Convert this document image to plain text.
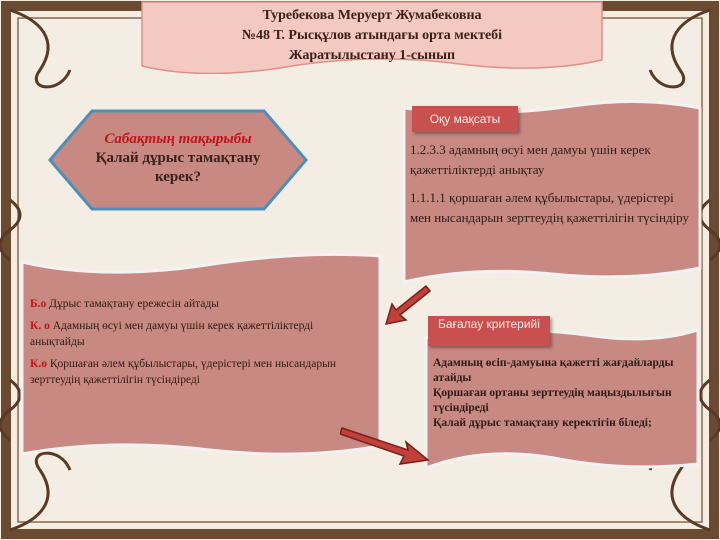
Туребекова Меруерт Жумабековна
№48 Т. Рысқұлов атындағы орта мектебі
Жаратылыстану 1-сынып
Сабақтың тақырыбы
Қалай дұрыс тамақтану керек?
Оқу мақсаты

1.2.3.3 адамның өсуі мен дамуы үшін керек қажеттіліктерді анықтау

1.1.1.1 қоршаған әлем құбылыстары, үдерістері мен нысандарын зерттеудің қажеттілігін түсіндіру

Б.о Дұрыс тамақтану ережесін айтады

К. о Адамның өсуі мен дамуы үшін керек қажеттіліктерді анықтайды

К.о Қоршаған әлем құбылыстары, үдерістері мен нысандарын зерттеудің қажеттілігін түсіндіреді

Бағалау критерийі
Адамның өсіп-дамуына қажетті жағдайларды атайды
Қоршаған ортаны зерттеудің маңыздылығын түсіндіреді
Қалай дұрыс тамақтану керектігін біледі;
